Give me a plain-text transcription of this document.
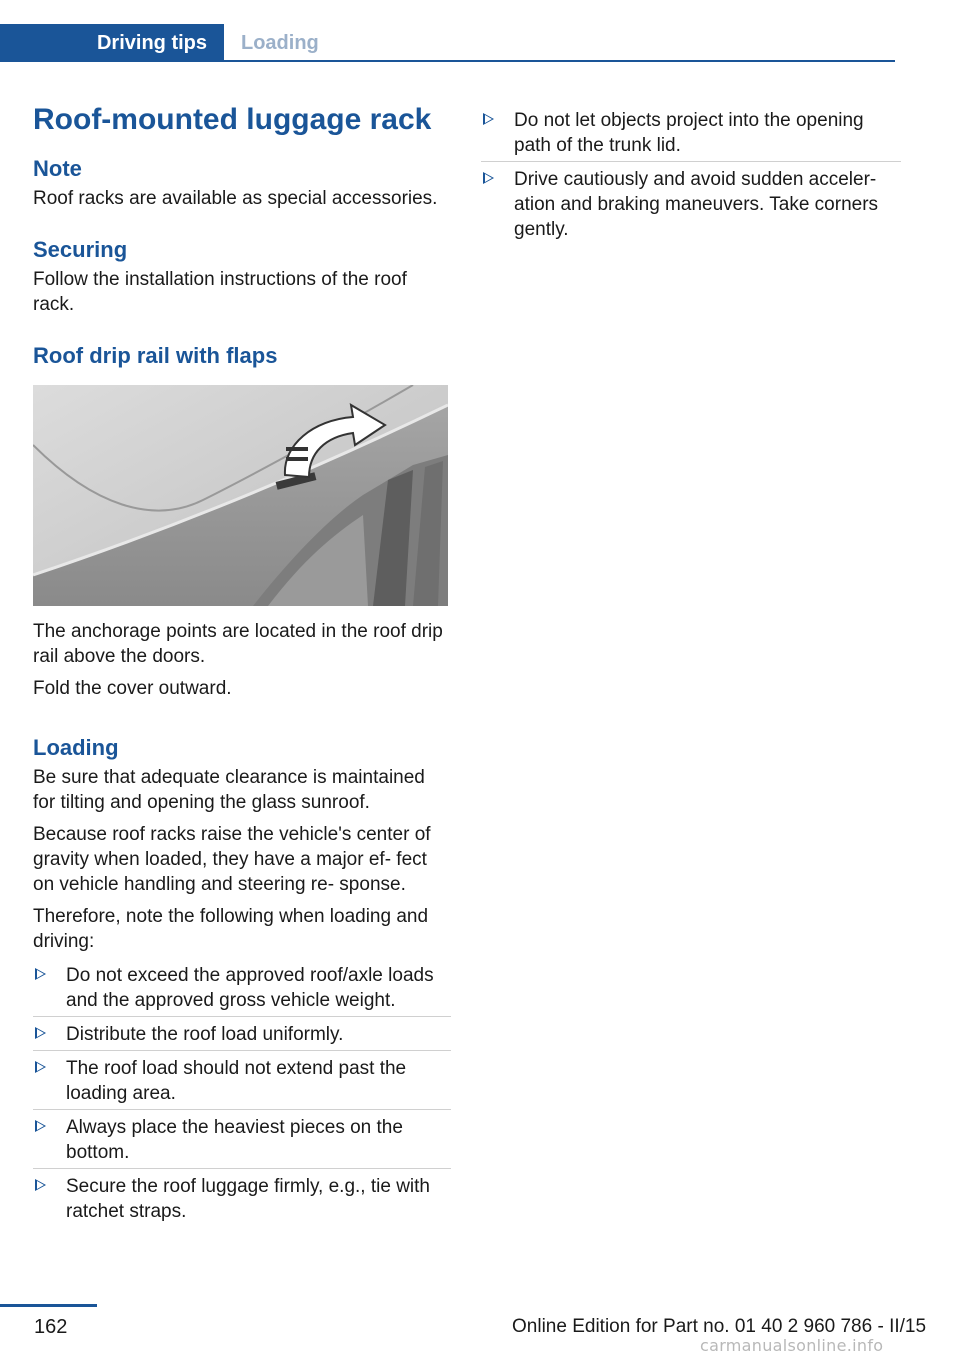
Driving tips	Loading
Roof-mounted luggage rack
Note

Roof racks are available as special accessories.

Securing

Follow the installation instructions of the roof rack.

Roof drip rail with flaps

The anchorage points are located in the roof drip rail above the doors.

Fold the cover outward.

Loading

Be sure that adequate clearance is maintained for tilting and opening the glass sunroof.

Because roof racks raise the vehicle's center of gravity when loaded, they have a major ef‐ fect on vehicle handling and steering re‐ sponse.

Therefore, note the following when loading and driving:

Do not exceed the approved roof/axle loads and the approved gross vehicle weight.
Distribute the roof load uniformly.
The roof load should not extend past the loading area.
Always place the heaviest pieces on the bottom.
Secure the roof luggage firmly, e.g., tie with ratchet straps.
Do not let objects project into the opening path of the trunk lid.
Drive cautiously and avoid sudden acceler‐ ation and braking maneuvers. Take corners gently.
162	Online Edition for Part no. 01 40 2 960 786 - II/15
carmanualsonline.info
